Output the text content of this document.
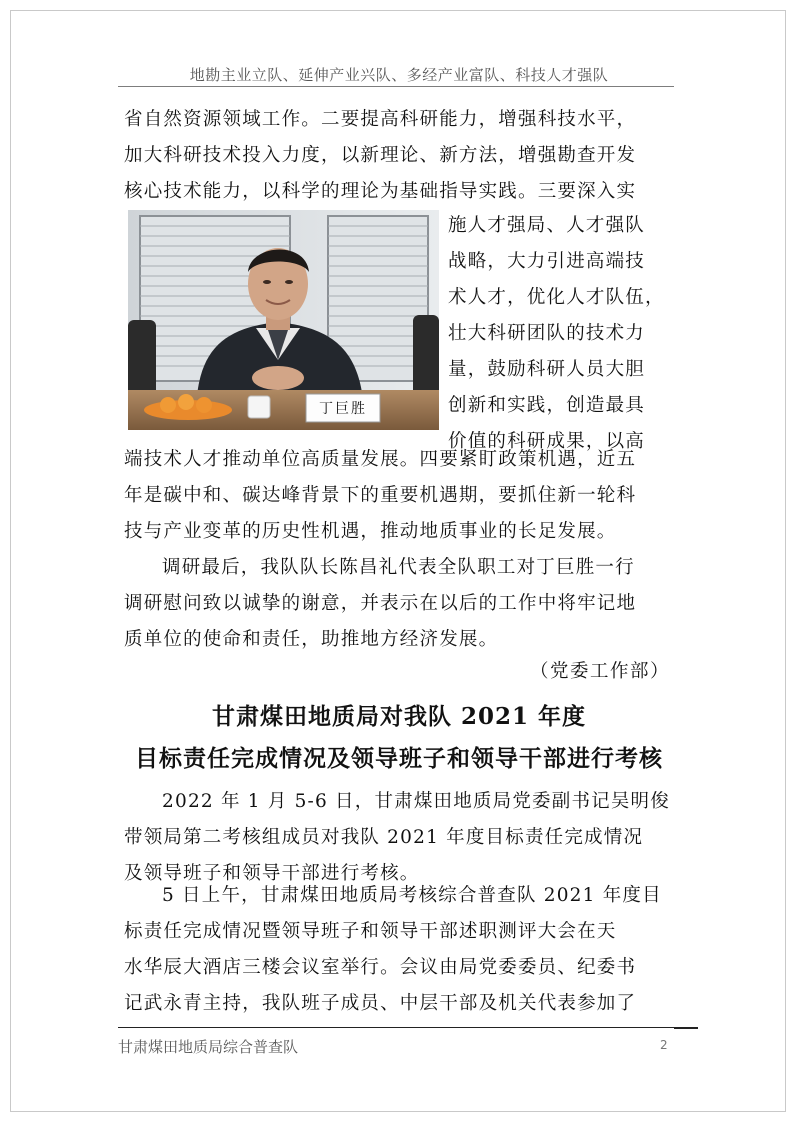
地勘主业立队、延伸产业兴队、多经产业富队、科技人才强队
省自然资源领域工作。二要提高科研能力，增强科技水平，
加大科研技术投入力度，以新理论、新方法，增强勘查开发
核心技术能力，以科学的理论为基础指导实践。三要深入实
丁巨胜
施人才强局、人才强队
战略，大力引进高端技
术人才，优化人才队伍，
壮大科研团队的技术力
量，鼓励科研人员大胆
创新和实践，创造最具
价值的科研成果，以高
端技术人才推动单位高质量发展。四要紧盯政策机遇，近五
年是碳中和、碳达峰背景下的重要机遇期，要抓住新一轮科
技与产业变革的历史性机遇，推动地质事业的长足发展。
调研最后，我队队长陈昌礼代表全队职工对丁巨胜一行
调研慰问致以诚挚的谢意，并表示在以后的工作中将牢记地
质单位的使命和责任，助推地方经济发展。
（党委工作部）
甘肃煤田地质局对我队 2021 年度
目标责任完成情况及领导班子和领导干部进行考核
2022 年 1 月 5-6 日，甘肃煤田地质局党委副书记吴明俊
带领局第二考核组成员对我队 2021 年度目标责任完成情况
及领导班子和领导干部进行考核。
5 日上午，甘肃煤田地质局考核综合普查队 2021 年度目
标责任完成情况暨领导班子和领导干部述职测评大会在天
水华辰大酒店三楼会议室举行。会议由局党委委员、纪委书
记武永青主持，我队班子成员、中层干部及机关代表参加了
甘肃煤田地质局综合普查队	2
